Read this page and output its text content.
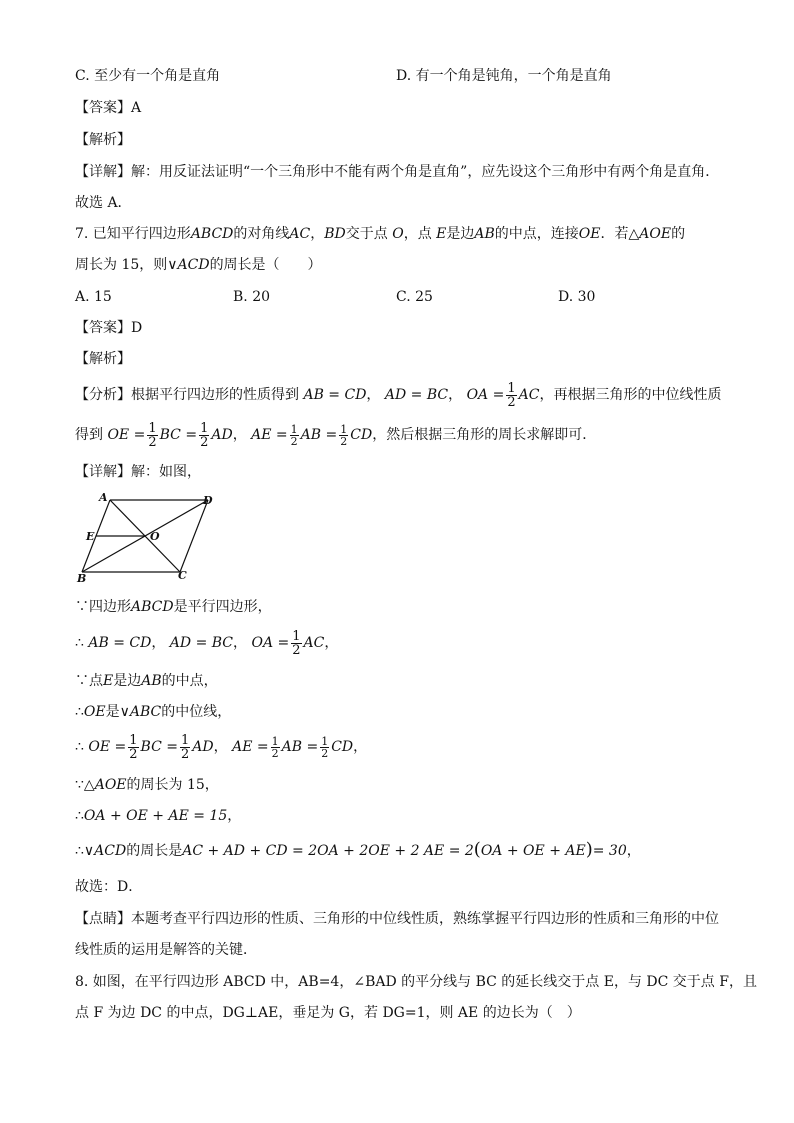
C. 至少有一个角是直角	D. 有一个角是钝角，一个角是直角
【答案】A
【解析】
【详解】解：用反证法证明“一个三角形中不能有两个角是直角”，应先设这个三角形中有两个角是直角．
故选 A．
7. 已知平行四边形ABCD的对角线AC，BD交于点 O，点 E是边AB的中点，连接OE．若△AOE的
周长为 15，则∨ACD的周长是（　　）
A. 15	B. 20	C. 25	D. 30
【答案】D
【解析】
【分析】根据平行四边形的性质得到 AB = CD， AD = BC， OA = $\frac{1}{2}$ AC，再根据三角形的中位线性质
得到 OE = $\frac{1}{2}$ BC = $\frac{1}{2}$ AD， AE = $\frac{1}{2}$ AB = $\frac{1}{2}$ CD，然后根据三角形的周长求解即可．
【详解】解：如图，
A	D
E	O
B	C
∵四边形ABCD是平行四边形，
∴ AB = CD， AD = BC， OA = $\frac{1}{2}$ AC，
∵点E是边AB的中点，
∴OE是∨ABC的中位线，
∴ OE = $\frac{1}{2}$ BC = $\frac{1}{2}$ AD， AE = $\frac{1}{2}$ AB = $\frac{1}{2}$ CD，
∵△AOE的周长为 15，
∴OA + OE + AE = 15，
∴∨ACD的周长是AC + AD + CD = 2OA + 2OE + 2 AE = 2(OA + OE + AE)= 30，
故选：D．
【点睛】本题考查平行四边形的性质、三角形的中位线性质，熟练掌握平行四边形的性质和三角形的中位
线性质的运用是解答的关键．
8. 如图，在平行四边形 ABCD 中，AB=4，∠BAD 的平分线与 BC 的延长线交于点 E，与 DC 交于点 F，且
点 F 为边 DC 的中点，DG⊥AE，垂足为 G，若 DG=1，则 AE 的边长为（　）
